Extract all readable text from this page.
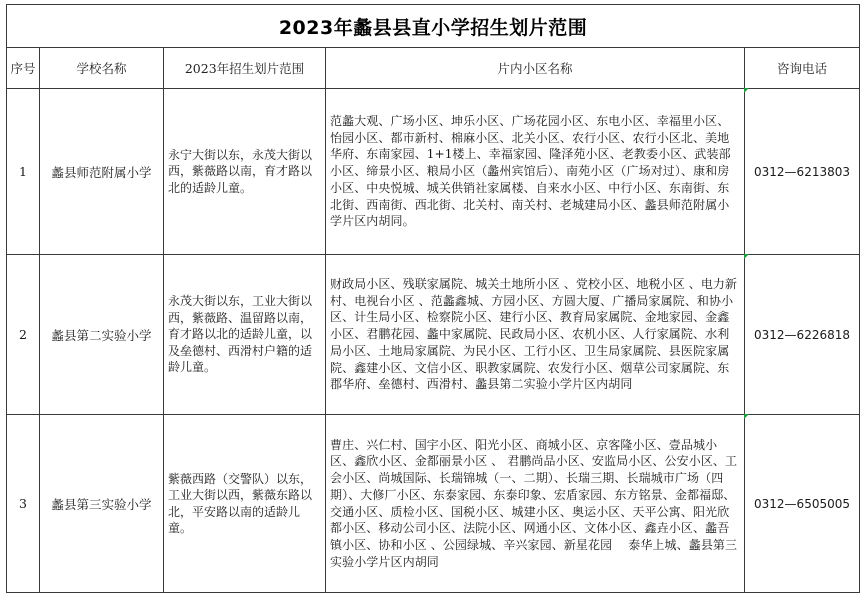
2023年蠡县县直小学招生划片范围				
序号	学校名称	2023年招生划片范围	片内小区名称	咨询电话
1	蠡县师范附属小学	永宁大街以东，永茂大街以西，紫薇路以南，育才路以北的适龄儿童。	范蠡大观、广场小区、坤乐小区、广场花园小区、东电小区、幸福里小区、怡园小区、都市新村、棉麻小区、北关小区、农行小区、农行小区北、美地华府、东南家园、1+1楼上、幸福家园、隆泽苑小区、老教委小区、武装部小区、缔景小区、粮局小区（蠡州宾馆后）、南苑小区（广场对过）、康和房小区、中央悦城、城关供销社家属楼、自来水小区、中行小区、东南街、东北街、西南街、西北街、北关村、南关村、老城建局小区、蠡县师范附属小学片区内胡同。	0312—6213803
2	蠡县第二实验小学	永茂大街以东，工业大街以西，紫薇路、温留路以南，育才路以北的适龄儿童，以及垒德村、西滑村户籍的适龄儿童。	财政局小区、残联家属院、城关土地所小区 、党校小区、地税小区 、电力新村、电视台小区 、范蠡鑫城、方园小区、方圆大厦、广播局家属院、和协小区、计生局小区、检察院小区、建行小区、教育局家属院、金地家园、金鑫小区、君鹏花园、蠡中家属院、民政局小区、农机小区、人行家属院、水利局小区、土地局家属院、为民小区、工行小区、卫生局家属院、县医院家属院、鑫建小区、文信小区、职教家属院、农发行小区、烟草公司家属院、东郡华府、垒德村、西滑村、蠡县第二实验小学片区内胡同	0312—6226818
3	蠡县第三实验小学	紫薇西路（交警队）以东，工业大街以西，紫薇东路以北，平安路以南的适龄儿童。	曹庄、兴仁村、国宇小区、阳光小区、商城小区、京客隆小区、壹品城小区、鑫欣小区、金都丽景小区 、 君鹏尚品小区、安监局小区、公安小区、工会小区、尚城国际、长瑞锦城（一、二期）、长瑞三期、长瑞城市广场（四期）、大修厂小区、东泰家园、东泰印象、宏盾家园、东方铭景、金都福邸、交通小区、质检小区、国税小区、城建小区、奥运小区、天平公寓、阳光欣都小区、移动公司小区、法院小区、网通小区、文体小区、鑫垚小区、蠡吾镇小区、协和小区 、公园绿城、辛兴家园、新星花园　 泰华上城、蠡县第三实验小学片区内胡同	0312—6505005
